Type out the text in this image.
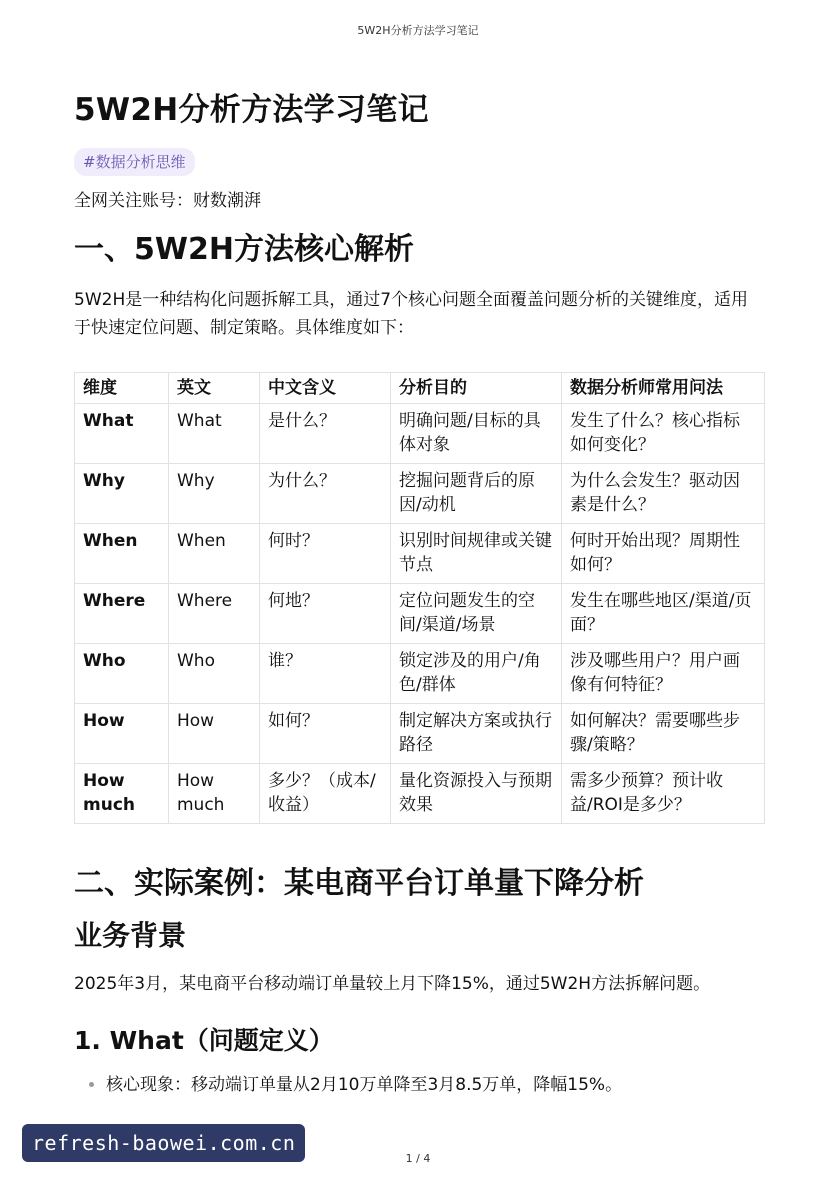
5W2H分析方法学习笔记
5W2H分析方法学习笔记
#数据分析思维
全网关注账号：财数潮湃
一、5W2H方法核心解析
5W2H是一种结构化问题拆解工具，通过7个核心问题全面覆盖问题分析的关键维度，适用于快速定位问题、制定策略。具体维度如下：
维度	英文	中文含义	分析目的	数据分析师常用问法
What	What	是什么？	明确问题/目标的具体对象	发生了什么？核心指标如何变化？
Why	Why	为什么？	挖掘问题背后的原因/动机	为什么会发生？驱动因素是什么？
When	When	何时？	识别时间规律或关键节点	何时开始出现？周期性如何？
Where	Where	何地？	定位问题发生的空间/渠道/场景	发生在哪些地区/渠道/页面？
Who	Who	谁？	锁定涉及的用户/角色/群体	涉及哪些用户？用户画像有何特征？
How	How	如何？	制定解决方案或执行路径	如何解决？需要哪些步骤/策略？
How much	How much	多少？（成本/收益）	量化资源投入与预期效果	需多少预算？预计收益/ROI是多少？
二、实际案例：某电商平台订单量下降分析
业务背景
2025年3月，某电商平台移动端订单量较上月下降15%，通过5W2H方法拆解问题。
1. What（问题定义）
• 核心现象：移动端订单量从2月10万单降至3月8.5万单，降幅15%。
refresh-baowei.com.cn
1 / 4
